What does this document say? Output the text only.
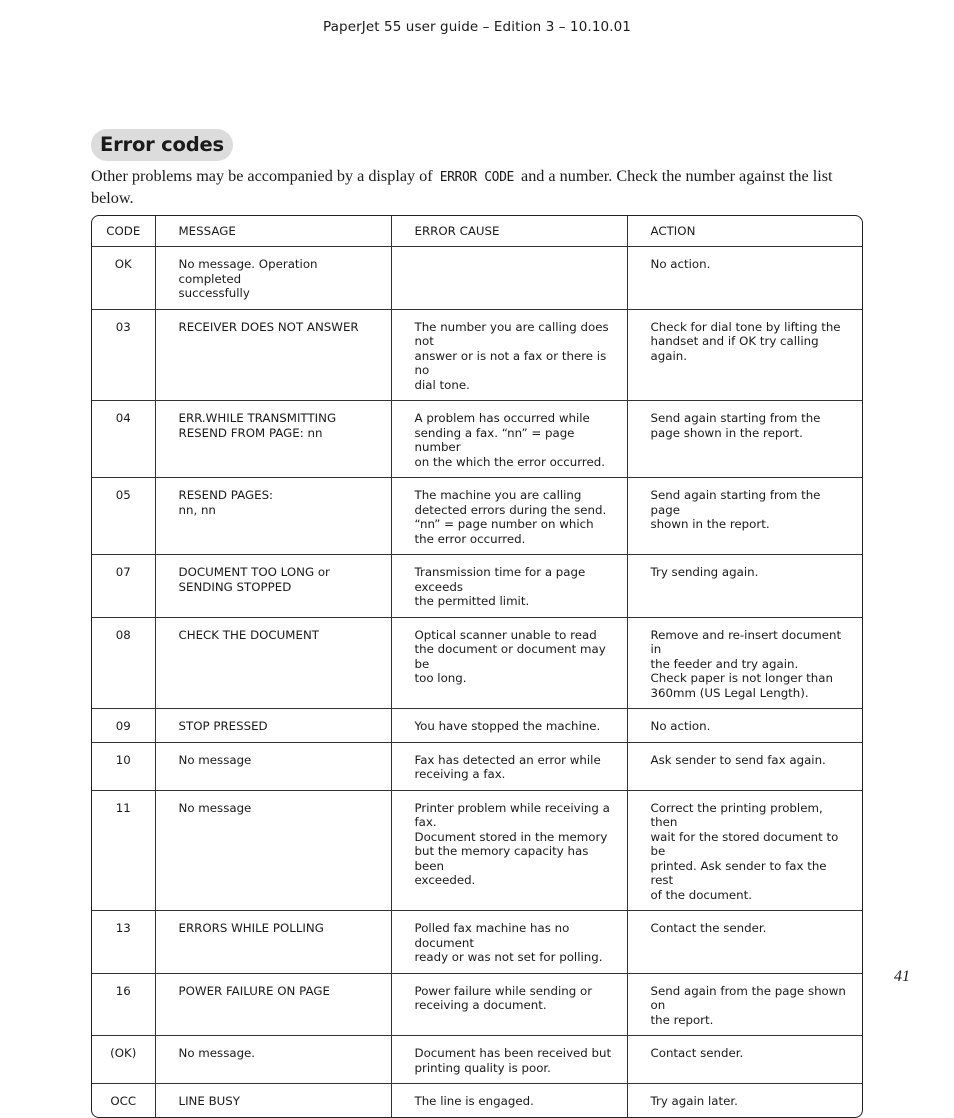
PaperJet 55 user guide – Edition 3 – 10.10.01
Error codes

Other problems may be accompanied by a display of ERROR CODE and a number. Check the number against the list below.

CODE	MESSAGE	ERROR CAUSE	ACTION

OK	No message. Operation completed
successfully		No action.

03	RECEIVER DOES NOT ANSWER	The number you are calling does not
answer or is not a fax or there is no
dial tone.	Check for dial tone by lifting the
handset and if OK try calling again.

04	ERR.WHILE TRANSMITTING
RESEND FROM PAGE: nn	A problem has occurred while
sending a fax. “nn” = page number
on the which the error occurred.	Send again starting from the
page shown in the report.

05	RESEND PAGES:
nn, nn	The machine you are calling
detected errors during the send.
“nn” = page number on which
the error occurred.	Send again starting from the page
shown in the report.

07	DOCUMENT TOO LONG or
SENDING STOPPED	Transmission time for a page exceeds
the permitted limit.	Try sending again.

08	CHECK THE DOCUMENT	Optical scanner unable to read
the document or document may be
too long.	Remove and re-insert document in
the feeder and try again.
Check paper is not longer than
360mm (US Legal Length).

09	STOP PRESSED	You have stopped the machine.	No action.

10	No message	Fax has detected an error while
receiving a fax.	Ask sender to send fax again.

11	No message	Printer problem while receiving a fax.
Document stored in the memory
but the memory capacity has been
exceeded.	Correct the printing problem, then
wait for the stored document to be
printed. Ask sender to fax the rest
of the document.

13	ERRORS WHILE POLLING	Polled fax machine has no document
ready or was not set for polling.	Contact the sender.

16	POWER FAILURE ON PAGE	Power failure while sending or
receiving a document.	Send again from the page shown on
the report.

(OK)	No message.	Document has been received but
printing quality is poor.	Contact sender.

OCC	LINE BUSY	The line is engaged.	Try again later.
41
